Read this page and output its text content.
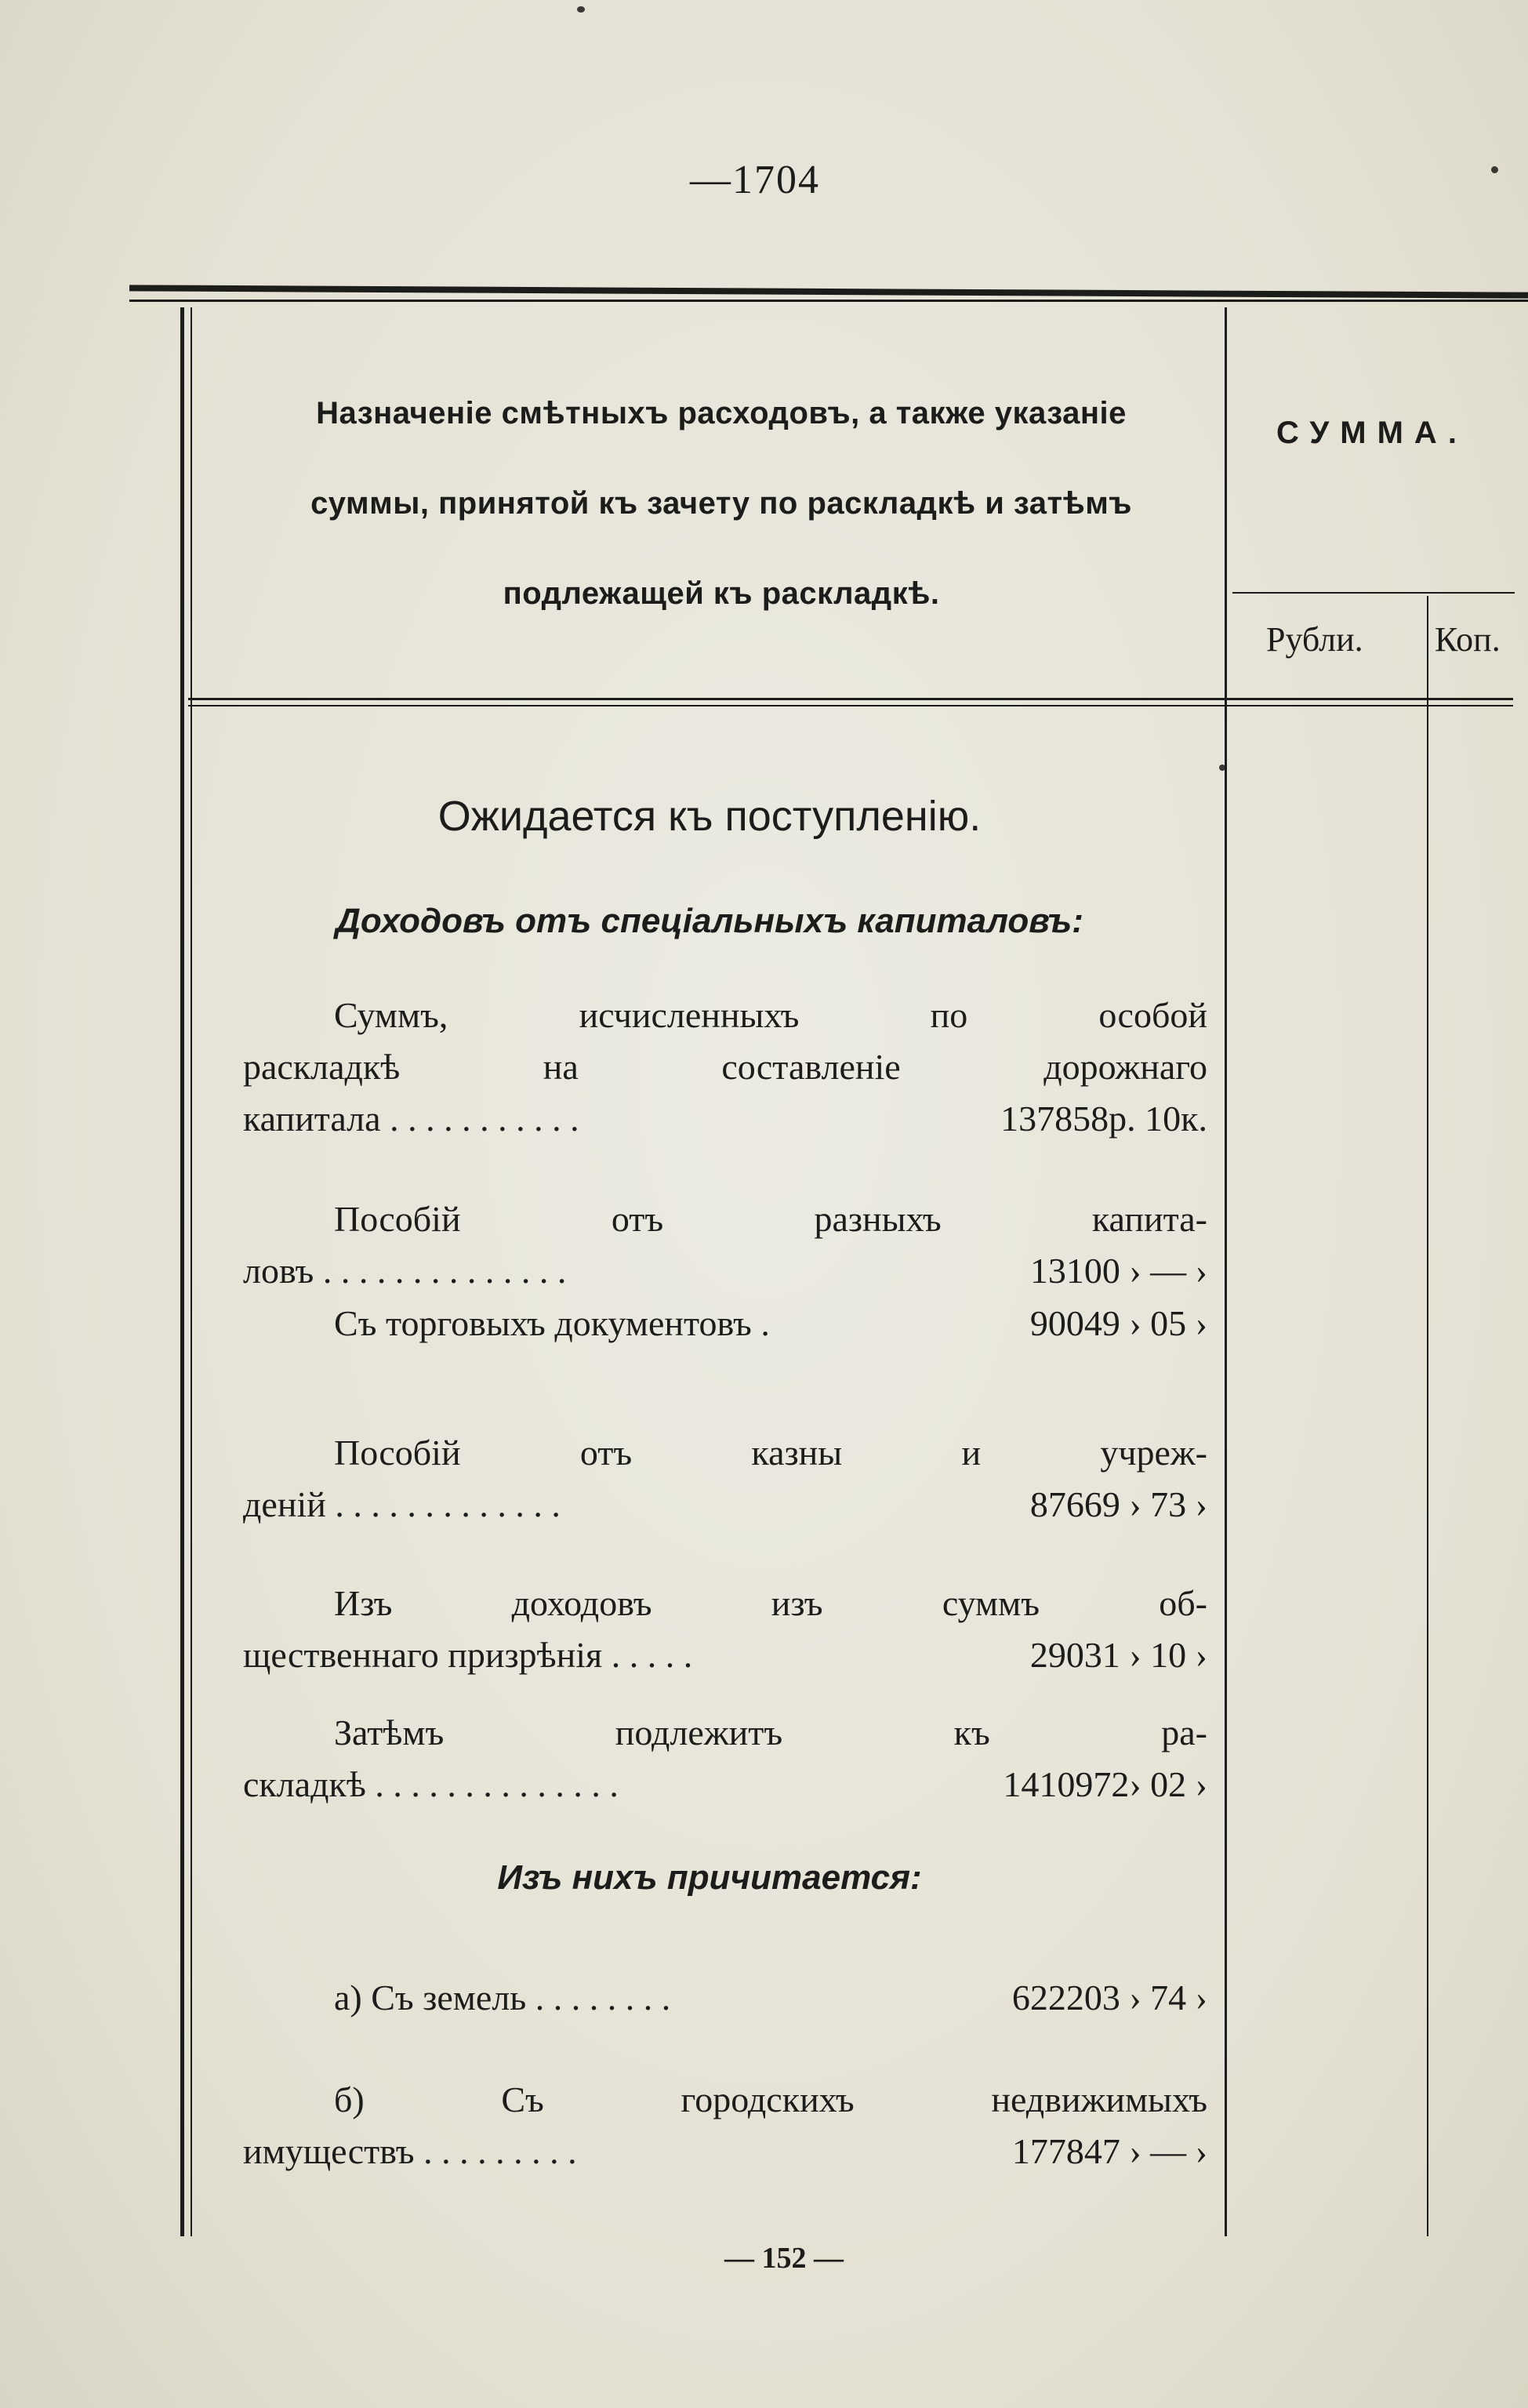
—1704
Назначеніе смѣтныхъ расходовъ, а также указаніе
суммы, принятой къ зачету по раскладкѣ и затѣмъ
подлежащей къ раскладкѣ.
СУММА.
Рубли. Коп.
Ожидается къ поступленію.
Доходовъ отъ спеціальныхъ капиталовъ:
Суммъ, исчисленныхъ по особой
раскладкѣ на составленіе дорожнаго
капитала . . . . . . . . . . .	137858р. 10к.
Пособій отъ разныхъ капита-
ловъ . . . . . . . . . . . . . .	13100 › — ›
Съ торговыхъ документовъ .	90049 › 05 ›
Пособій отъ казны и учреж-
деній . . . . . . . . . . . . .	87669 › 73 ›
Изъ доходовъ изъ суммъ об-
щественнаго призрѣнія . . . . .	29031 › 10 ›
Затѣмъ подлежитъ къ ра-
складкѣ . . . . . . . . . . . . . .	1410972› 02 ›
Изъ нихъ причитается:
а) Съ земель . . . . . . . .	622203 › 74 ›
б) Съ городскихъ недвижимыхъ
имуществъ . . . . . . . . .	177847 › — ›
— 152 —
